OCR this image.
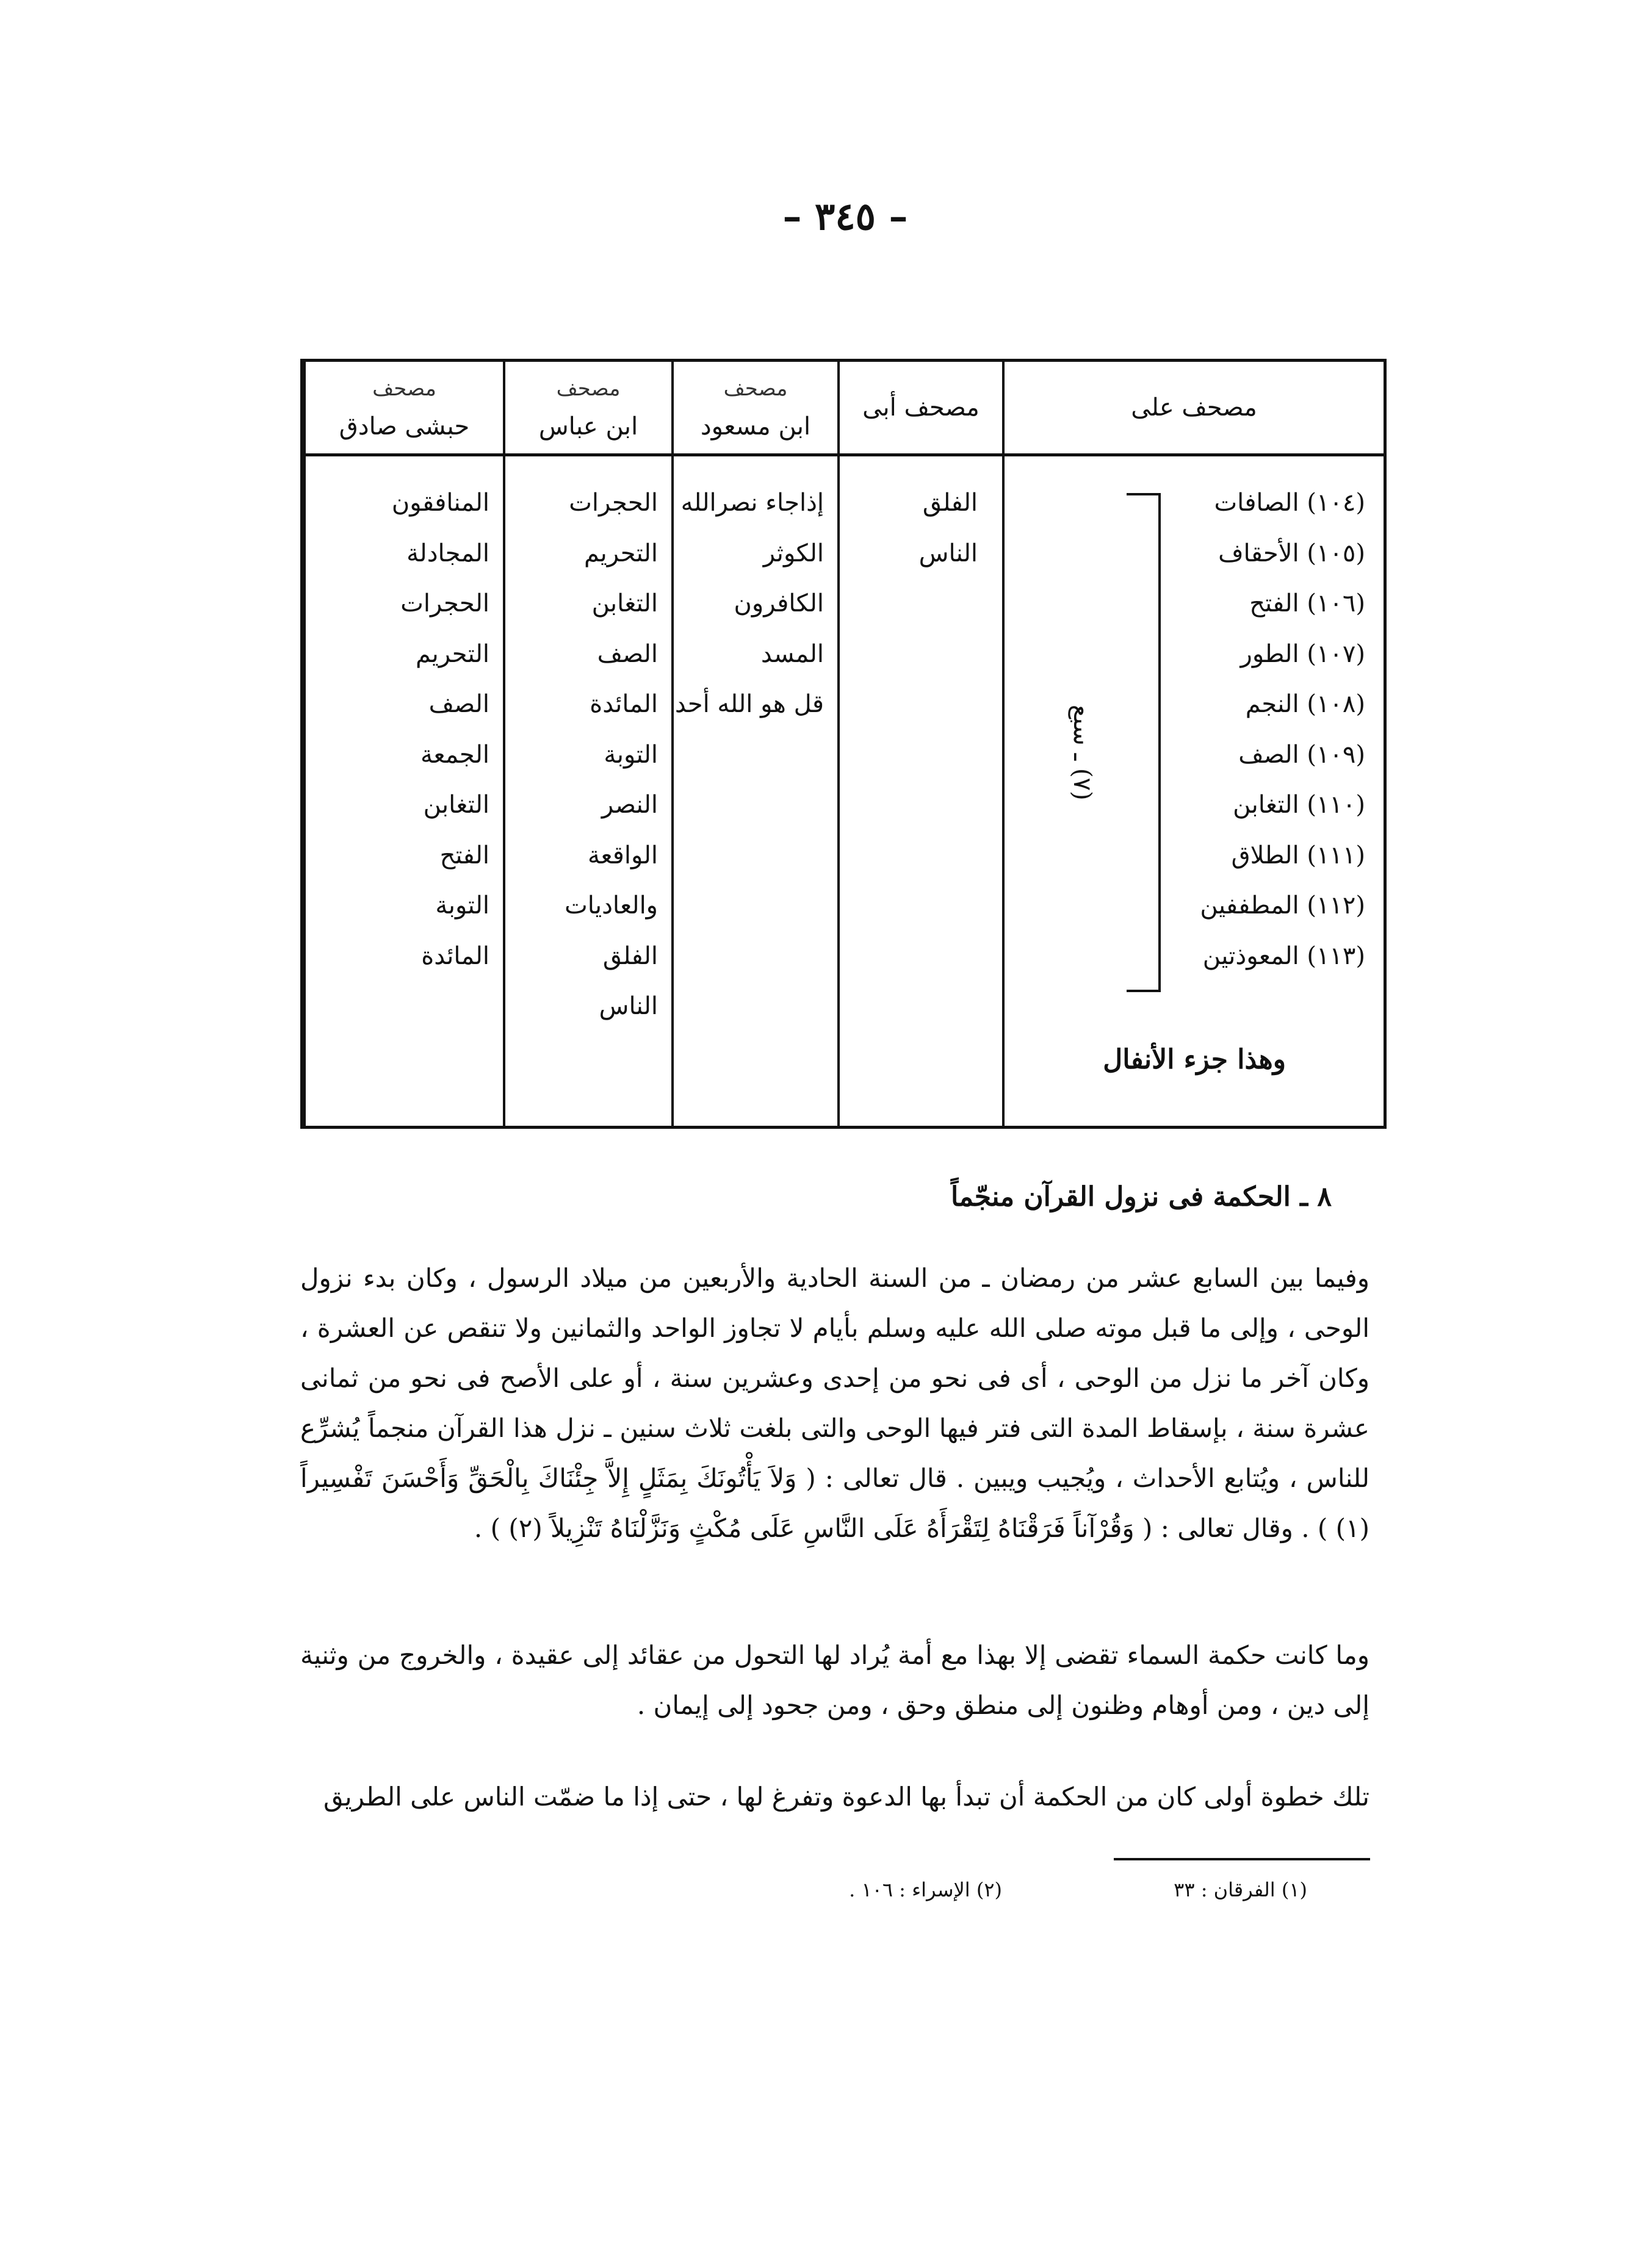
– ٣٤٥ –
مصحف
حبشى صادق
المنافقون
المجادلة
الحجرات
التحريم
الصف
الجمعة
التغابن
الفتح
التوبة
المائدة
مصحف
ابن عباس
الحجرات
التحريم
التغابن
الصف
المائدة
التوبة
النصر
الواقعة
والعاديات
الفلق
الناس
مصحف
ابن مسعود
إذاجاء نصرالله
الكوثر
الكافرون
المسد
قل هو الله أحد
مصحف أبى
الفلق
الناس
مصحف على
(١٠٤) الصافات
(١٠٥) الأحقاف
(١٠٦) الفتح
(١٠٧) الطور
(١٠٨) النجم
(١٠٩) الصف
(١١٠) التغابن
(١١١) الطلاق
(١١٢) المطففين
(١١٣) المعوذتين
(٧) ـ سبع
وهذا جزء الأنفال
٨ ـ الحكمة فى نزول القرآن منجّماً
وفيما بين السابع عشر من رمضان ـ من السنة الحادية والأربعين من ميلاد الرسول ، وكان بدء نزول الوحى ، وإلى ما قبل موته صلى الله عليه وسلم بأيام لا تجاوز الواحد والثمانين ولا تنقص عن العشرة ، وكان آخر ما نزل من الوحى ، أى فى نحو من إحدى وعشرين سنة ، أو على الأصح فى نحو من ثمانى عشرة سنة ، بإسقاط المدة التى فتر فيها الوحى والتى بلغت ثلاث سنين ـ نزل هذا القرآن منجماً يُشرِّع للناس ، ويُتابع الأحداث ، ويُجيب ويبين . قال تعالى : ( وَلاَ يَأْتُونَكَ بِمَثَلٍ إِلاَّ جِئْنَاكَ بِالْحَقِّ وَأَحْسَنَ تَفْسِيراً (١) ) . وقال تعالى : ( وَقُرْآناً فَرَقْنَاهُ لِتَقْرَأَهُ عَلَى النَّاسِ عَلَى مُكْثٍ وَنَزَّلْنَاهُ تَنْزِيلاً (٢) ) .
وما كانت حكمة السماء تقضى إلا بهذا مع أمة يُراد لها التحول من عقائد إلى عقيدة ، والخروج من وثنية إلى دين ، ومن أوهام وظنون إلى منطق وحق ، ومن جحود إلى إيمان .
تلك خطوة أولى كان من الحكمة أن تبدأ بها الدعوة وتفرغ لها ، حتى إذا ما ضمّت الناس على الطريق
(١) الفرقان : ٣٣
(٢) الإسراء : ١٠٦ .
